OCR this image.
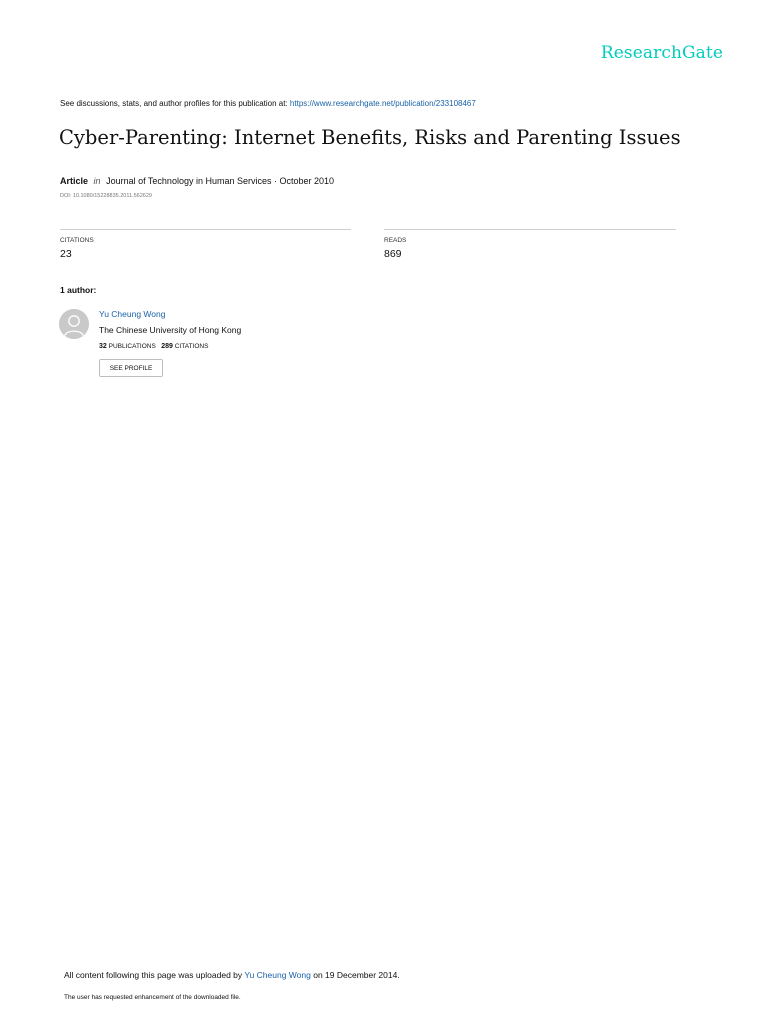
ResearchGate
See discussions, stats, and author profiles for this publication at: https://www.researchgate.net/publication/233108467
Cyber-Parenting: Internet Benefits, Risks and Parenting Issues
Article in Journal of Technology in Human Services · October 2010
DOI: 10.1080/15228835.2011.562629
CITATIONS
23
READS
869
1 author:
Yu Cheung Wong
The Chinese University of Hong Kong
32 PUBLICATIONS 289 CITATIONS
SEE PROFILE
All content following this page was uploaded by Yu Cheung Wong on 19 December 2014.
The user has requested enhancement of the downloaded file.
